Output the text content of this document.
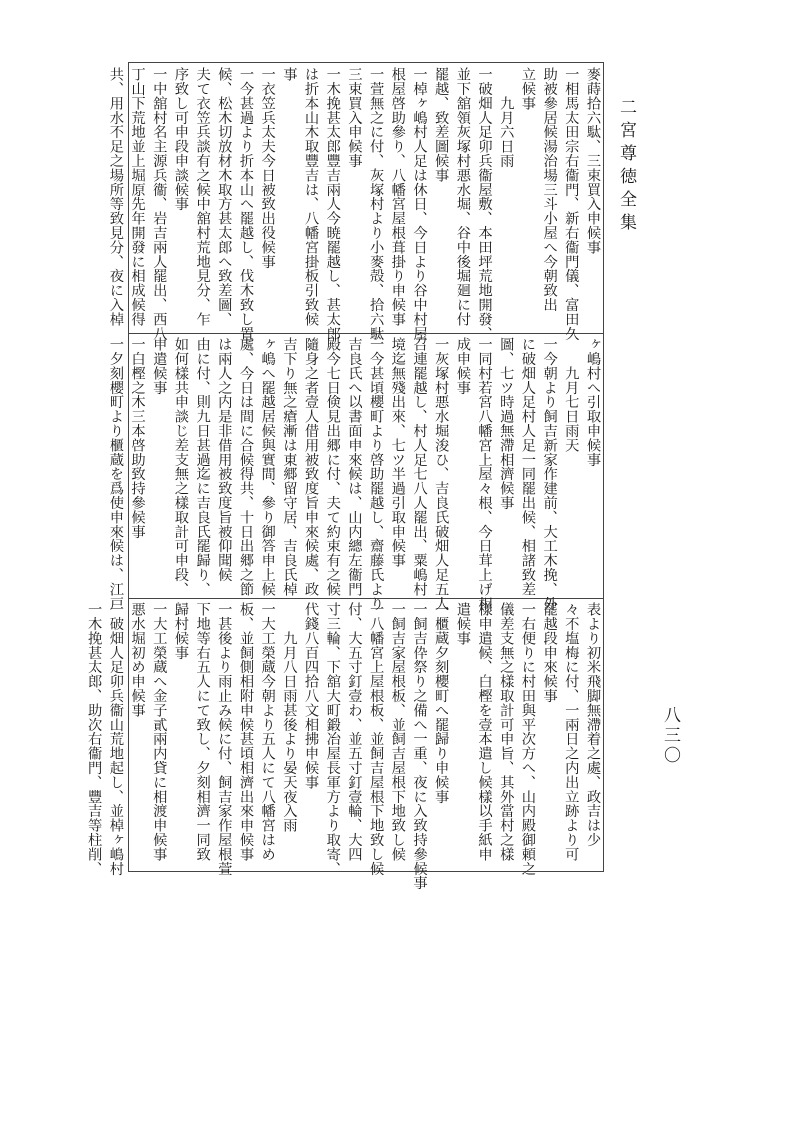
二宮尊徳全集
八三〇
麥蒔拾六駄、三束買入申候事
一相馬太田宗右衞門、新右衞門儀、富田久
助被參居候湯治場三斗小屋へ今朝致出
立候事
　　九月六日雨
一破畑人足卯兵衞屋敷、本田坪荒地開發、
並下舘領灰塚村悪水堀、谷中後堀廻に付
罷越、致差圖候事
一棹ヶ嶋村人足は休日、今日より谷中村屋
根屋啓助參り、八幡宮屋根葺掛り申候事
一萱無之に付、灰塚村より小麥殻、拾六駄
三束買入申候事
一木挽甚太郎豐吉兩人今暁罷越し、甚太郎
は折本山木取豐吉は、八幡宮掛板引致候
事
一衣笠兵太夫今日被致出役候事
一今甚過より折本山へ罷越し、伐木致し置
候、松木切放材木取方甚太郎へ致差圖、
夫て衣笠兵談有之候中舘村荒地見分、乍
序致し可申段申談候事
一中舘村名主源兵衞、岩吉兩人罷出、西八
丁山下荒地並上堀原先年開發に相成候得
共、用水不足之場所等致見分、夜に入棹
ヶ嶋村へ引取申候事
　　九月七日雨天
一今朝より飼吉新家作建前、大工木挽、外
に破畑人足村人足一同罷出候、相諸致差
圖、七ツ時過無滯相濟候事
一同村若宮八幡宮上屋々根、今日茸上げ相
成申候事
一灰塚村悪水堀浚ひ、吉良氏破畑人足五人
召連罷越し、村人足七八人罷出、粟嶋村
境迄無殘出來、七ツ半過引取申候事
一今甚頃櫻町より啓助罷越し、齋藤氏より
吉良氏へ以書面申來候は、山内總左衞門
殿今七日倹見出郷に付、夫て約束有之候
隨身之者壹人借用被致度旨申來候處、政
吉下り無之瘡漸は東郷留守居、吉良氏棹
ヶ嶋へ罷越居候與實間、參り御答申上候
處、今日は間に合候得共、十日出郷之節
は兩人之内是非借用被致度旨被仰聞候
由に付、則九日甚過迄に吉良氏罷歸り、
如何樣共申談じ差支無之樣取計可申段、
申遣候事
一白樫之木三本啓助致持參候事
一夕刻櫻町より櫃蔵を爲使申來候は、江戸
表より初米飛脚無滯着之處、政吉は少
々不塩梅に付、一兩日之内出立跡より可
罷越段申來候事
一右便りに村田與平次方へ、山内殿御頼之
儀差支無之樣取計可申旨、其外當村之樣
樣申遣候、白樫を壹本遣し候樣以手紙申
遣候事
一櫃蔵夕刻櫻町へ罷歸り申候事
一飼吉伜祭り之備へ一重、夜に入致持參候事
一飼吉家屋根板、並飼吉屋根下地致し候
一八幡宮上屋根板、並飼吉屋根下地致し候
付、大五寸釘壹わ、並五寸釘壹輪、大四
寸三輪、下舘大町鍛冶屋長軍方より取寄、
代錢八百四拾八文相拂申候事
　　九月八日雨甚後より晏天夜入雨
一大工榮蔵今朝より五人にて八幡宮はめ
板、並飼側相附申候甚頃相濟出來申候事
一甚後より雨止み候に付、飼吉家作屋根萱
下地等右五人にて致し、夕刻相濟一同致
歸村候事
一大工榮蔵へ金子貳兩内貸に相渡申候事
悪水堀初め申候事
一破畑人足卯兵衞山荒地起し、並棹ヶ嶋村
一木挽甚太郎、助次右衞門、豐吉等柱削、
